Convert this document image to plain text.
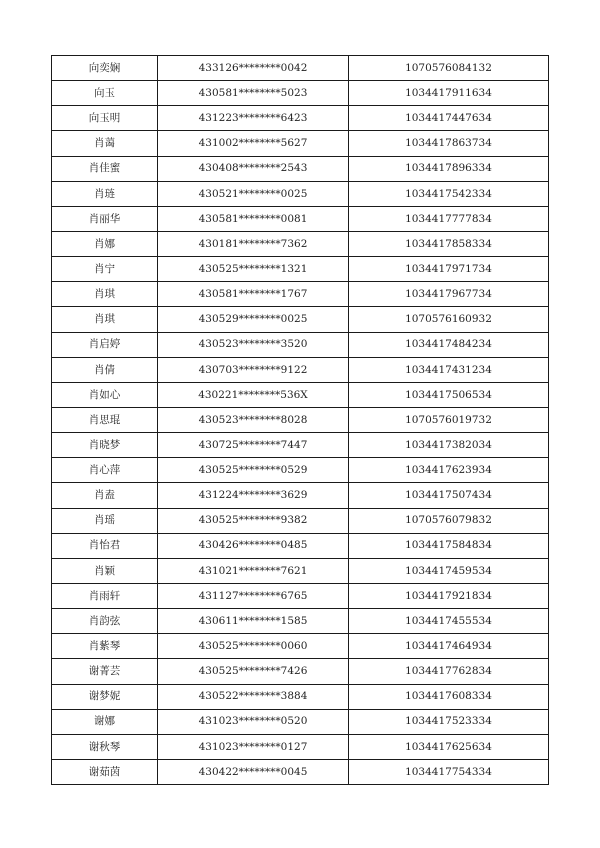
向奕娴	433126********0042	1070576084132
向玉	430581********5023	1034417911634
向玉明	431223********6423	1034417447634
肖蔼	431002********5627	1034417863734
肖佳蜜	430408********2543	1034417896334
肖琏	430521********0025	1034417542334
肖丽华	430581********0081	1034417777834
肖娜	430181********7362	1034417858334
肖宁	430525********1321	1034417971734
肖琪	430581********1767	1034417967734
肖琪	430529********0025	1070576160932
肖启婷	430523********3520	1034417484234
肖倩	430703********9122	1034417431234
肖如心	430221********536X	1034417506534
肖思琨	430523********8028	1070576019732
肖晓梦	430725********7447	1034417382034
肖心萍	430525********0529	1034417623934
肖盍	431224********3629	1034417507434
肖瑶	430525********9382	1070576079832
肖怡君	430426********0485	1034417584834
肖颖	431021********7621	1034417459534
肖雨轩	431127********6765	1034417921834
肖韵弦	430611********1585	1034417455534
肖紫琴	430525********0060	1034417464934
谢菁芸	430525********7426	1034417762834
谢梦妮	430522********3884	1034417608334
谢娜	431023********0520	1034417523334
谢秋琴	431023********0127	1034417625634
谢茹茵	430422********0045	1034417754334
